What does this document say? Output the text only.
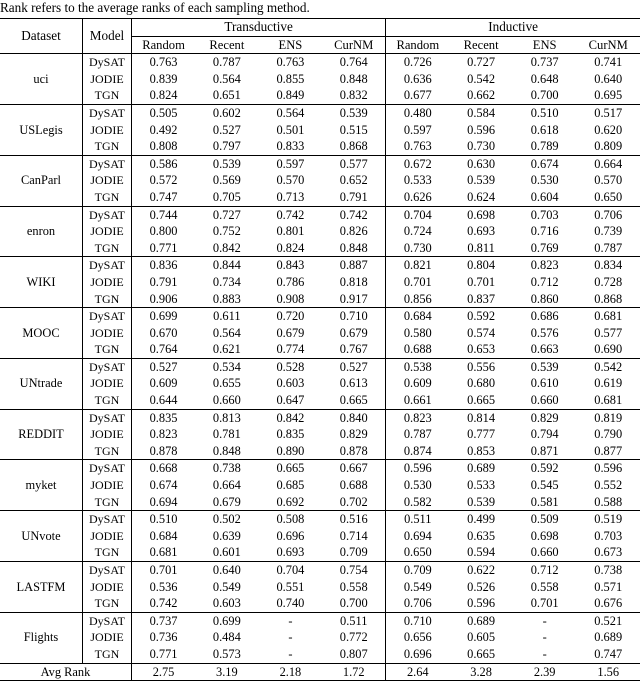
Rank refers to the average ranks of each sampling method.
Dataset	Model	Transductive				Inductive			
		Random	Recent	ENS	CurNM	Random	Recent	ENS	CurNM
uci	DySAT	0.763	0.787	0.763	0.764	0.726	0.727	0.737	0.741
	JODIE	0.839	0.564	0.855	0.848	0.636	0.542	0.648	0.640
	TGN	0.824	0.651	0.849	0.832	0.677	0.662	0.700	0.695
USLegis	DySAT	0.505	0.602	0.564	0.539	0.480	0.584	0.510	0.517
	JODIE	0.492	0.527	0.501	0.515	0.597	0.596	0.618	0.620
	TGN	0.808	0.797	0.833	0.868	0.763	0.730	0.789	0.809
CanParl	DySAT	0.586	0.539	0.597	0.577	0.672	0.630	0.674	0.664
	JODIE	0.572	0.569	0.570	0.652	0.533	0.539	0.530	0.570
	TGN	0.747	0.705	0.713	0.791	0.626	0.624	0.604	0.650
enron	DySAT	0.744	0.727	0.742	0.742	0.704	0.698	0.703	0.706
	JODIE	0.800	0.752	0.801	0.826	0.724	0.693	0.716	0.739
	TGN	0.771	0.842	0.824	0.848	0.730	0.811	0.769	0.787
WIKI	DySAT	0.836	0.844	0.843	0.887	0.821	0.804	0.823	0.834
	JODIE	0.791	0.734	0.786	0.818	0.701	0.701	0.712	0.728
	TGN	0.906	0.883	0.908	0.917	0.856	0.837	0.860	0.868
MOOC	DySAT	0.699	0.611	0.720	0.710	0.684	0.592	0.686	0.681
	JODIE	0.670	0.564	0.679	0.679	0.580	0.574	0.576	0.577
	TGN	0.764	0.621	0.774	0.767	0.688	0.653	0.663	0.690
UNtrade	DySAT	0.527	0.534	0.528	0.527	0.538	0.556	0.539	0.542
	JODIE	0.609	0.655	0.603	0.613	0.609	0.680	0.610	0.619
	TGN	0.644	0.660	0.647	0.665	0.661	0.665	0.660	0.681
REDDIT	DySAT	0.835	0.813	0.842	0.840	0.823	0.814	0.829	0.819
	JODIE	0.823	0.781	0.835	0.829	0.787	0.777	0.794	0.790
	TGN	0.878	0.848	0.890	0.878	0.874	0.853	0.871	0.877
myket	DySAT	0.668	0.738	0.665	0.667	0.596	0.689	0.592	0.596
	JODIE	0.674	0.664	0.685	0.688	0.530	0.533	0.545	0.552
	TGN	0.694	0.679	0.692	0.702	0.582	0.539	0.581	0.588
UNvote	DySAT	0.510	0.502	0.508	0.516	0.511	0.499	0.509	0.519
	JODIE	0.684	0.639	0.696	0.714	0.694	0.635	0.698	0.703
	TGN	0.681	0.601	0.693	0.709	0.650	0.594	0.660	0.673
LASTFM	DySAT	0.701	0.640	0.704	0.754	0.709	0.622	0.712	0.738
	JODIE	0.536	0.549	0.551	0.558	0.549	0.526	0.558	0.571
	TGN	0.742	0.603	0.740	0.700	0.706	0.596	0.701	0.676
Flights	DySAT	0.737	0.699	-	0.511	0.710	0.689	-	0.521
	JODIE	0.736	0.484	-	0.772	0.656	0.605	-	0.689
	TGN	0.771	0.573	-	0.807	0.696	0.665	-	0.747
Avg Rank		2.75	3.19	2.18	1.72	2.64	3.28	2.39	1.56
